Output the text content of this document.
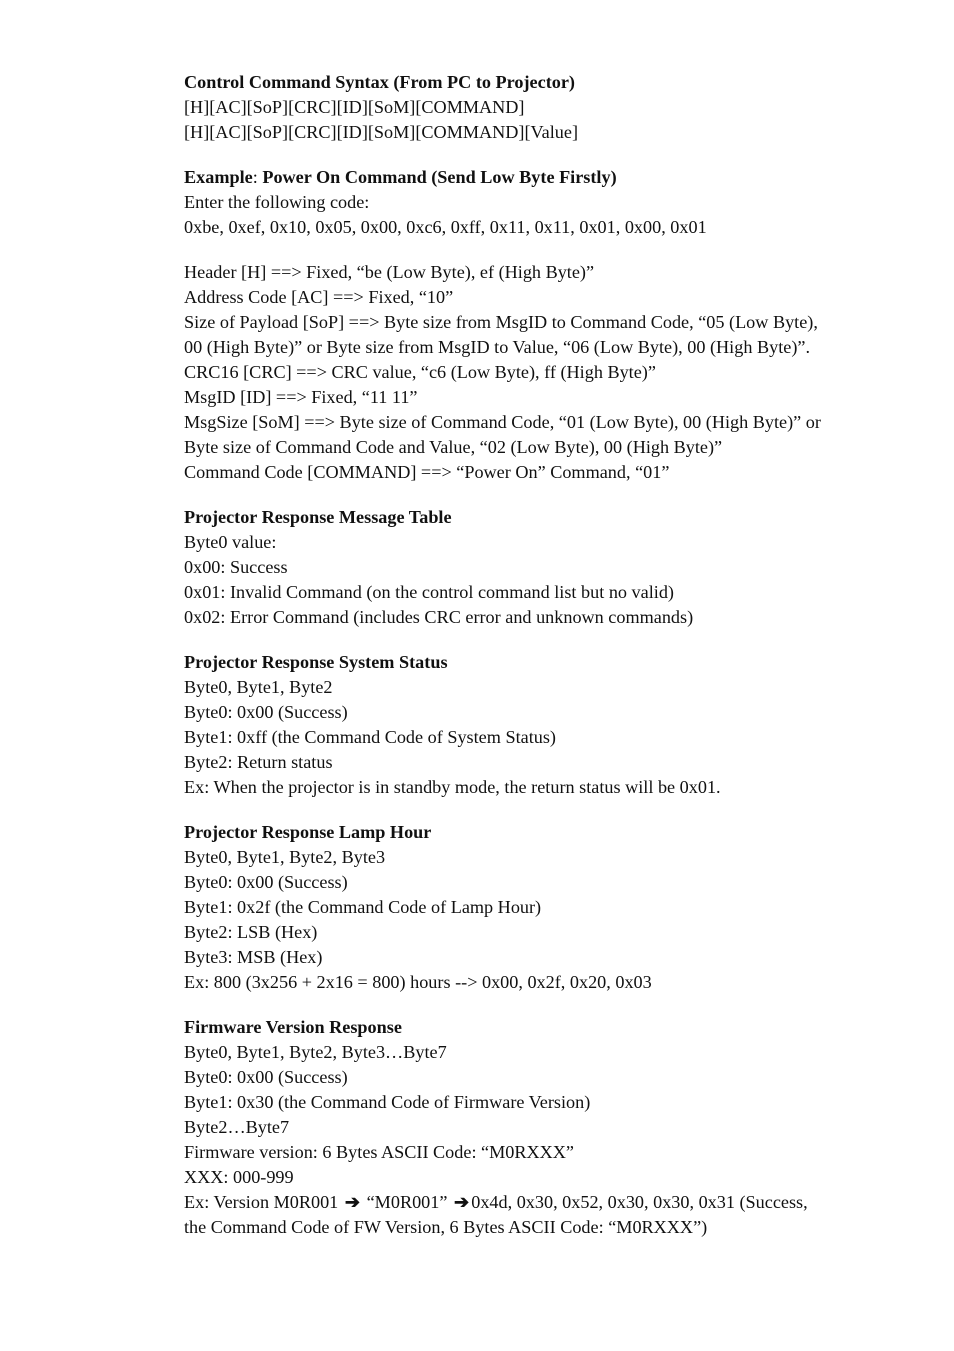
Control Command Syntax (From PC to Projector)
[H][AC][SoP][CRC][ID][SoM][COMMAND]
[H][AC][SoP][CRC][ID][SoM][COMMAND][Value]
Example: Power On Command (Send Low Byte Firstly)
Enter the following code:
0xbe, 0xef, 0x10, 0x05, 0x00, 0xc6, 0xff, 0x11, 0x11, 0x01, 0x00, 0x01
Header [H] ==> Fixed, “be (Low Byte), ef (High Byte)”
Address Code [AC] ==> Fixed, “10”
Size of Payload [SoP] ==> Byte size from MsgID to Command Code, “05 (Low Byte), 00 (High Byte)” or Byte size from MsgID to Value, “06 (Low Byte), 00 (High Byte)”.
CRC16 [CRC] ==> CRC value, “c6 (Low Byte), ff (High Byte)”
MsgID [ID] ==> Fixed, “11 11”
MsgSize [SoM] ==> Byte size of Command Code, “01 (Low Byte), 00 (High Byte)” or Byte size of Command Code and Value, “02 (Low Byte), 00 (High Byte)”
Command Code [COMMAND] ==> “Power On” Command, “01”
Projector Response Message Table
Byte0 value:
0x00: Success
0x01: Invalid Command (on the control command list but no valid)
0x02: Error Command (includes CRC error and unknown commands)
Projector Response System Status
Byte0, Byte1, Byte2
Byte0: 0x00 (Success)
Byte1: 0xff (the Command Code of System Status)
Byte2: Return status
Ex: When the projector is in standby mode, the return status will be 0x01.
Projector Response Lamp Hour
Byte0, Byte1, Byte2, Byte3
Byte0: 0x00 (Success)
Byte1: 0x2f (the Command Code of Lamp Hour)
Byte2: LSB (Hex)
Byte3: MSB (Hex)
Ex: 800 (3x256 + 2x16 = 800) hours --> 0x00, 0x2f, 0x20, 0x03
Firmware Version Response
Byte0, Byte1, Byte2, Byte3…Byte7
Byte0: 0x00 (Success)
Byte1: 0x30 (the Command Code of Firmware Version)
Byte2…Byte7
Firmware version: 6 Bytes ASCII Code: “M0RXXX”
XXX: 000-999
Ex: Version M0R001 ➔ “M0R001” ➔ 0x4d, 0x30, 0x52, 0x30, 0x30, 0x31 (Success, the Command Code of FW Version, 6 Bytes ASCII Code: “M0RXXX”)
